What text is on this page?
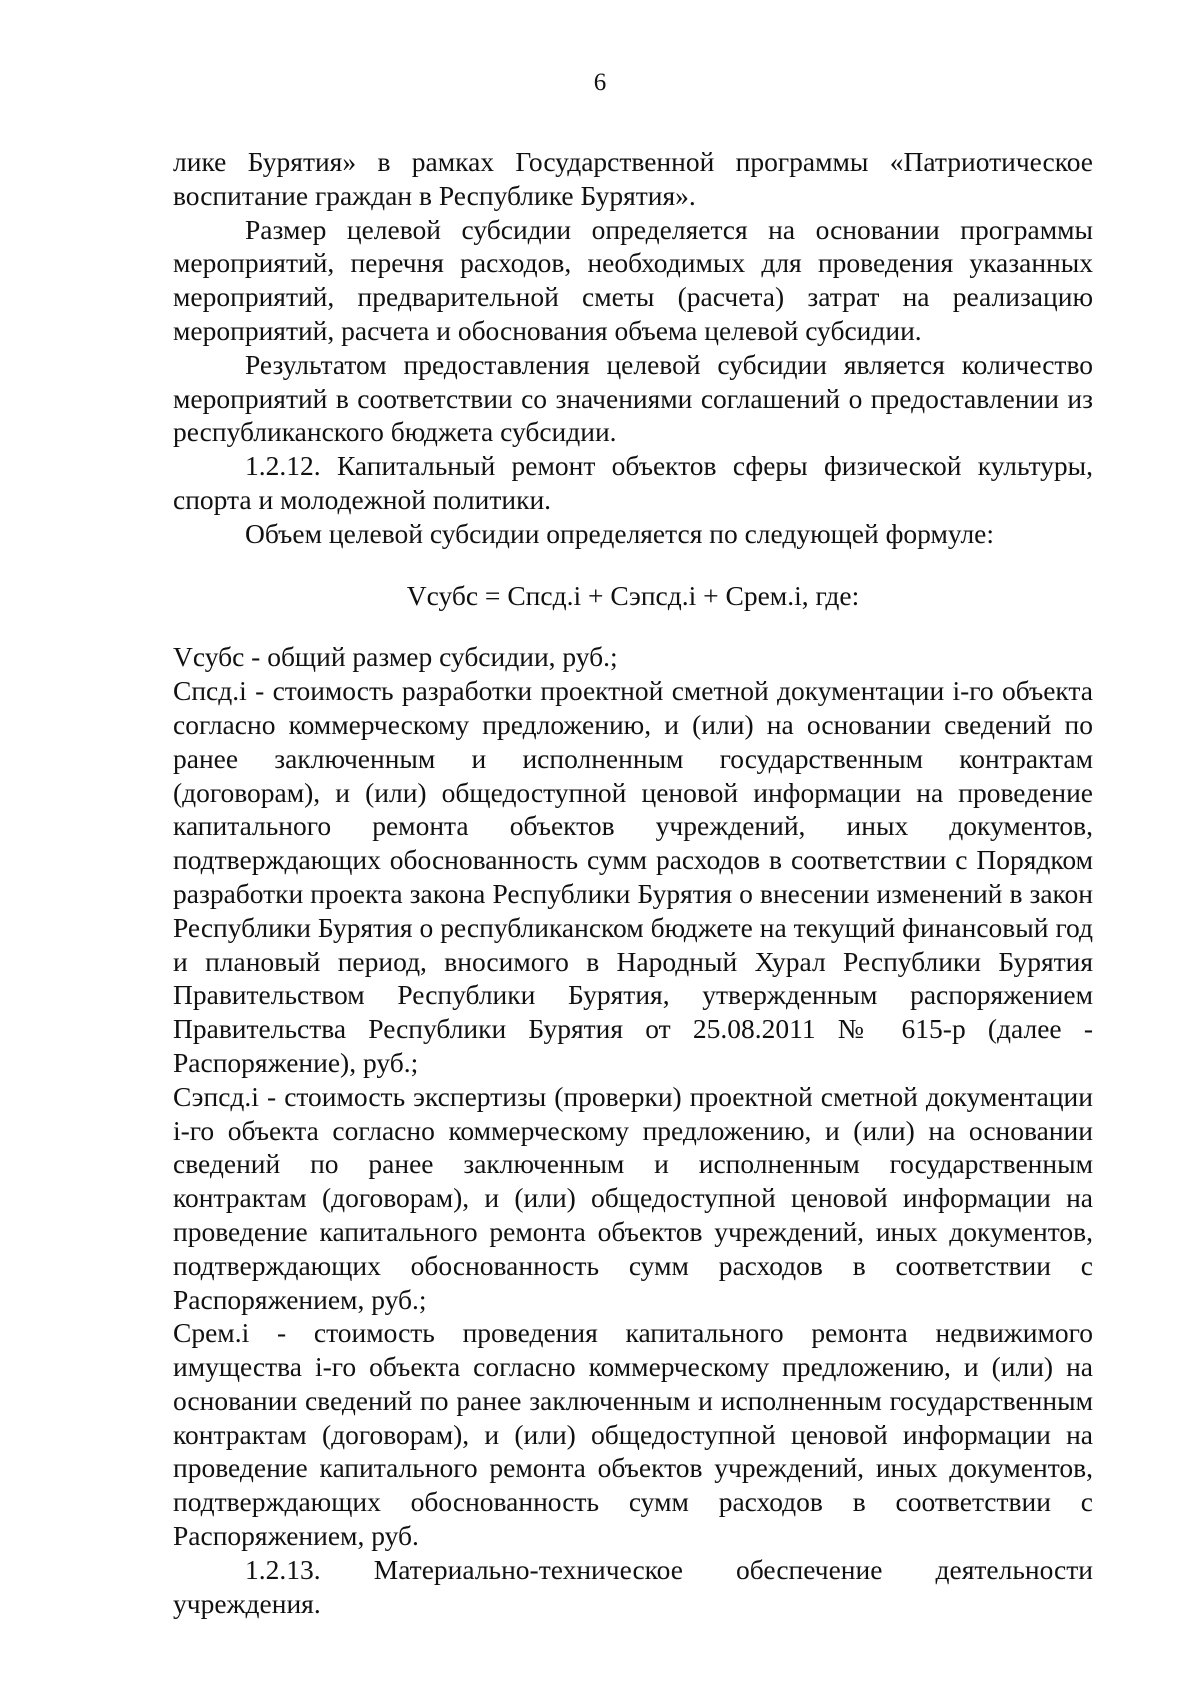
6

лике Бурятия» в рамках Государственной программы «Патриотическое воспитание граждан в Республике Бурятия».

Размер целевой субсидии определяется на основании программы мероприятий, перечня расходов, необходимых для проведения указанных мероприятий, предварительной сметы (расчета) затрат на реализацию мероприятий, расчета и обоснования объема целевой субсидии.

Результатом предоставления целевой субсидии является количество мероприятий в соответствии со значениями соглашений о предоставлении из республиканского бюджета субсидии.

1.2.12. Капитальный ремонт объектов сферы физической культуры, спорта и молодежной политики.

Объем целевой субсидии определяется по следующей формуле:

Vсубс = Спсд.i + Сэпсд.i + Срем.i, где:

Vсубс - общий размер субсидии, руб.;

Спсд.i - стоимость разработки проектной сметной документации i-го объекта согласно коммерческому предложению, и (или) на основании сведений по ранее заключенным и исполненным государственным контрактам (договорам), и (или) общедоступной ценовой информации на проведение капитального ремонта объектов учреждений, иных документов, подтверждающих обоснованность сумм расходов в соответствии с Порядком разработки проекта закона Республики Бурятия о внесении изменений в закон Республики Бурятия о республиканском бюджете на текущий финансовый год и плановый период, вносимого в Народный Хурал Республики Бурятия Правительством Республики Бурятия, утвержденным распоряжением Правительства Республики Бурятия от 25.08.2011 № 615-р (далее - Распоряжение), руб.;

Сэпсд.i - стоимость экспертизы (проверки) проектной сметной документации i-го объекта согласно коммерческому предложению, и (или) на основании сведений по ранее заключенным и исполненным государственным контрактам (договорам), и (или) общедоступной ценовой информации на проведение капитального ремонта объектов учреждений, иных документов, подтверждающих обоснованность сумм расходов в соответствии с Распоряжением, руб.;

Срем.i - стоимость проведения капитального ремонта недвижимого имущества i-го объекта согласно коммерческому предложению, и (или) на основании сведений по ранее заключенным и исполненным государственным контрактам (договорам), и (или) общедоступной ценовой информации на проведение капитального ремонта объектов учреждений, иных документов, подтверждающих обоснованность сумм расходов в соответствии с Распоряжением, руб.

1.2.13. Материально-техническое обеспечение деятельности учреждения.
